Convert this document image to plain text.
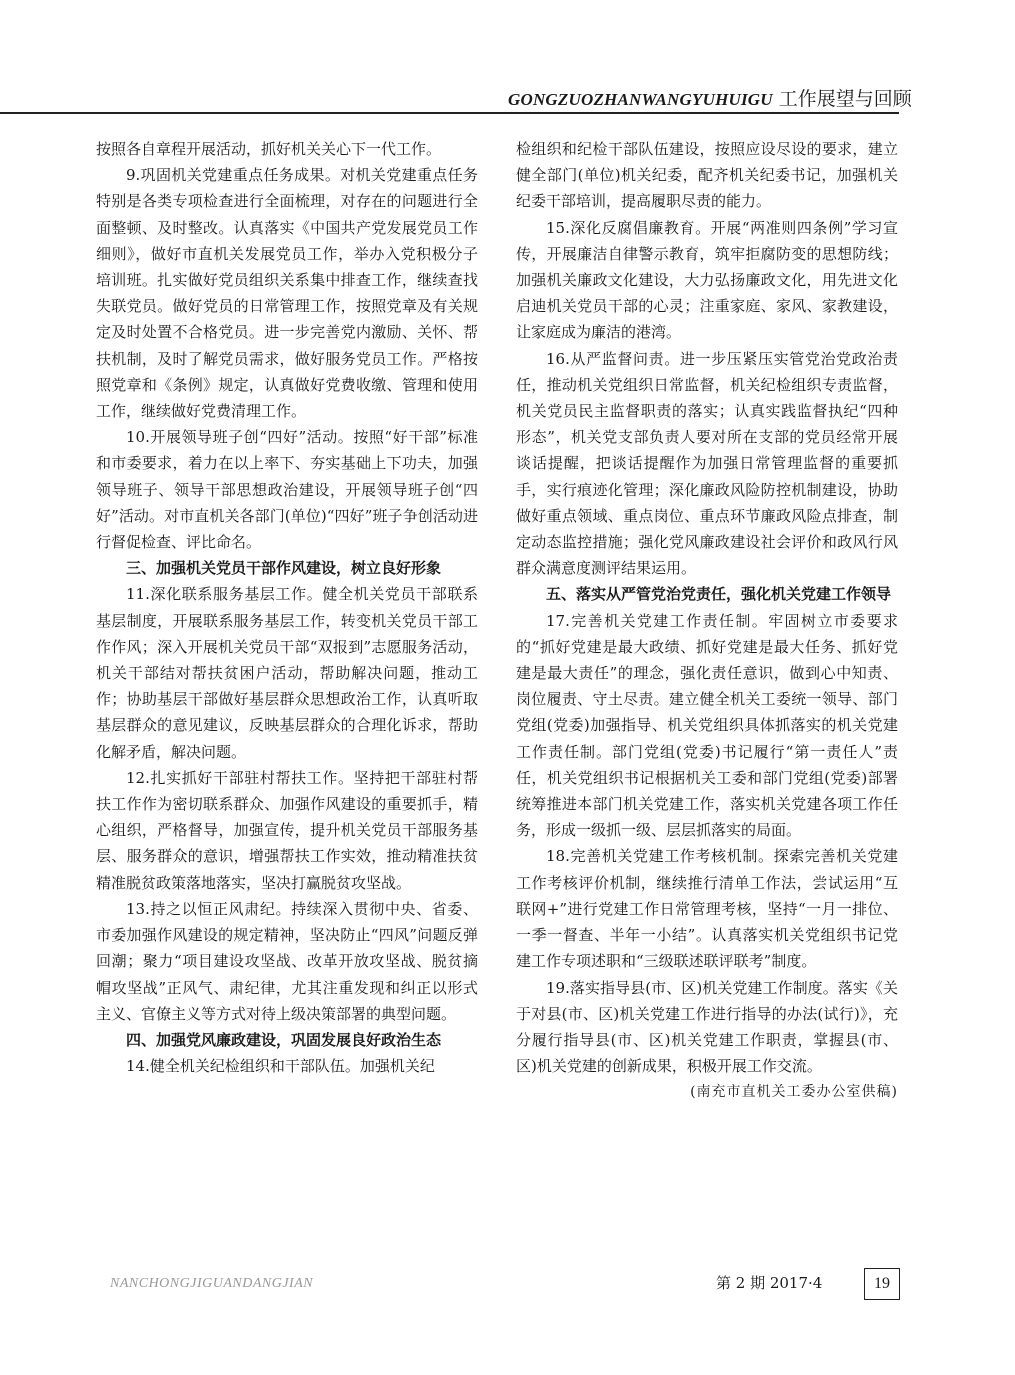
GONGZUOZHANWANGYUHUIGU 工作展望与回顾

按照各自章程开展活动，抓好机关关心下一代工作。

9.巩固机关党建重点任务成果。对机关党建重点任务特别是各类专项检查进行全面梳理，对存在的问题进行全面整顿、及时整改。认真落实《中国共产党发展党员工作细则》，做好市直机关发展党员工作，举办入党积极分子培训班。扎实做好党员组织关系集中排查工作，继续查找失联党员。做好党员的日常管理工作，按照党章及有关规定及时处置不合格党员。进一步完善党内激励、关怀、帮扶机制，及时了解党员需求，做好服务党员工作。严格按照党章和《条例》规定，认真做好党费收缴、管理和使用工作，继续做好党费清理工作。

10.开展领导班子创“四好”活动。按照“好干部”标准和市委要求，着力在以上率下、夯实基础上下功夫，加强领导班子、领导干部思想政治建设，开展领导班子创“四好”活动。对市直机关各部门(单位)“四好”班子争创活动进行督促检查、评比命名。

三、加强机关党员干部作风建设，树立良好形象

11.深化联系服务基层工作。健全机关党员干部联系基层制度，开展联系服务基层工作，转变机关党员干部工作作风；深入开展机关党员干部“双报到”志愿服务活动，机关干部结对帮扶贫困户活动，帮助解决问题，推动工作；协助基层干部做好基层群众思想政治工作，认真听取基层群众的意见建议，反映基层群众的合理化诉求，帮助化解矛盾，解决问题。

12.扎实抓好干部驻村帮扶工作。坚持把干部驻村帮扶工作作为密切联系群众、加强作风建设的重要抓手，精心组织，严格督导，加强宣传，提升机关党员干部服务基层、服务群众的意识，增强帮扶工作实效，推动精准扶贫精准脱贫政策落地落实，坚决打赢脱贫攻坚战。

13.持之以恒正风肃纪。持续深入贯彻中央、省委、市委加强作风建设的规定精神，坚决防止“四风”问题反弹回潮；聚力“项目建设攻坚战、改革开放攻坚战、脱贫摘帽攻坚战”正风气、肃纪律，尤其注重发现和纠正以形式主义、官僚主义等方式对待上级决策部署的典型问题。

四、加强党风廉政建设，巩固发展良好政治生态

14.健全机关纪检组织和干部队伍。加强机关纪

检组织和纪检干部队伍建设，按照应设尽设的要求，建立健全部门(单位)机关纪委，配齐机关纪委书记，加强机关纪委干部培训，提高履职尽责的能力。

15.深化反腐倡廉教育。开展“两准则四条例”学习宣传，开展廉洁自律警示教育，筑牢拒腐防变的思想防线；加强机关廉政文化建设，大力弘扬廉政文化，用先进文化启迪机关党员干部的心灵；注重家庭、家风、家教建设，让家庭成为廉洁的港湾。

16.从严监督问责。进一步压紧压实管党治党政治责任，推动机关党组织日常监督，机关纪检组织专责监督，机关党员民主监督职责的落实；认真实践监督执纪“四种形态”，机关党支部负责人要对所在支部的党员经常开展谈话提醒，把谈话提醒作为加强日常管理监督的重要抓手，实行痕迹化管理；深化廉政风险防控机制建设，协助做好重点领域、重点岗位、重点环节廉政风险点排查，制定动态监控措施；强化党风廉政建设社会评价和政风行风群众满意度测评结果运用。

五、落实从严管党治党责任，强化机关党建工作领导

17.完善机关党建工作责任制。牢固树立市委要求的“抓好党建是最大政绩、抓好党建是最大任务、抓好党建是最大责任”的理念，强化责任意识，做到心中知责、岗位履责、守土尽责。建立健全机关工委统一领导、部门党组(党委)加强指导、机关党组织具体抓落实的机关党建工作责任制。部门党组(党委)书记履行“第一责任人”责任，机关党组织书记根据机关工委和部门党组(党委)部署统筹推进本部门机关党建工作，落实机关党建各项工作任务，形成一级抓一级、层层抓落实的局面。

18.完善机关党建工作考核机制。探索完善机关党建工作考核评价机制，继续推行清单工作法，尝试运用“互联网+”进行党建工作日常管理考核，坚持“一月一排位、一季一督查、半年一小结”。认真落实机关党组织书记党建工作专项述职和“三级联述联评联考”制度。

19.落实指导县(市、区)机关党建工作制度。落实《关于对县(市、区)机关党建工作进行指导的办法(试行)》，充分履行指导县(市、区)机关党建工作职责，掌握县(市、区)机关党建的创新成果，积极开展工作交流。

(南充市直机关工委办公室供稿)

NANCHONGJIGUANDANGJIAN	第 2 期 2017·4	19
